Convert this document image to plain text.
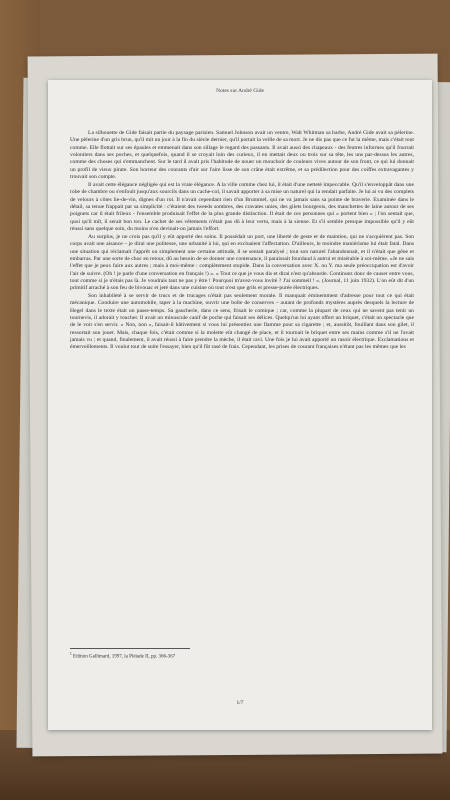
Notes sur André Gide

La silhouette de Gide faisait partie du paysage parisien. Samuel Johnson avait un ventre, Walt Whitman sa barbe, André Gide avait sa pèlerine. Une pèlerine d'un gris brun, qu'il mit un jour à la fin du siècle dernier, qu'il portait la veille de sa mort. Je ne dis pas que ce fut la même, mais c'était tout comme. Elle flottait sur ses épaules et emmenait dans son sillage le regard des passants. Il avait aussi des chapeaux - des feutres informes qu'il fourrait volontiers dans ses poches, et quelquefois, quand il se croyait loin des curieux, il en mettait deux ou trois sur sa tête, les uns par-dessus les autres, comme des choses qui s'emmanchent. Sur le tard il avait pris l'habitude de nouer un mouchoir de couleurs vives autour de son front, ce qui lui donnait un profil de vieux pirate. Son horreur des courants d'air sur l'aire lisse de son crâne était extrême, et sa prédilection pour des coiffes extravagantes y trouvait son compte.

Il avait cette élégance négligée qui est la vraie élégance. A la ville comme chez lui, il était d'une netteté impeccable. Qu'il s'enveloppât dans une robe de chambre ou s'enfoult jusqu'aux sourcils dans un cache-col, il savait apporter à sa mise un naturel qui la rendait parfaite. Je lui ai vu des complets de velours à côtes lie-de-vin, dignes d'un roi. Il n'avait cependant rien d'un Brummel, qui ne va jamais sans sa pointe de braverie. Examinée dans le détail, sa tenue frappait par sa simplicité : c'étaient des tweeds sombres, des cravates unies, des gilets bourgeois, des manchettes de laine autour de ses poignets car il était frileux - l'ensemble produisait l'effet de la plus grande distinction. Il était de ces personnes qui « portent bien » ; l'on sentait que, quoi qu'il mît, il serait bon ton. Le cachet de ses vêtements n'était pas dû à leur vertu, mais à la sienne. Et s'il semble presque impossible qu'il y eût réussi sans quelque soin, du moins n'en devinait-on jamais l'effort.

Au surplus, je ne crois pas qu'il y eût apporté des soins. Il possédait un port, une liberté de geste et de maintien, qui ne s'acquièrent pas. Son corps avait une aisance – je dirai une politesse, une urbanité à lui, qui en excluaient l'affectation. D'ailleurs, le moindre maniérisme lui était fatal. Dans une situation qui réclamait l'apprêt ou simplement une certaine attitude, il se sentait paralysé ; tout son naturel l'abandonnait, et il n'était que gêne et embarras. Par une sorte de choc en retour, dû au besoin de se donner une contenance, il paraissait fourdaud à autrui et misérable à soi-même. «Je ne sais l'effet que je peux faire aux autres ; mais à moi-même : complètement stupide. Dans la conversation avec X. ou Y. ma seule préoccupation est d'avoir l'air de suivre. (Oh ! je parle d'une conversation en français !) ». « Tout ce que je vous dis et dirai n'est qu'absurde. Continuez donc de causer entre vous, tout comme si je n'étais pas là. Je voudrais tant ne pas y être ! Pourquoi m'avez-vous invité ? J'ai sommeil ! ». (Journal, 11 juin 1932). L'on eût dit d'un primitif arraché à son feu de bivouac et jeté dans une cuisine où tout n'est que grils et presse-purée électriques.

Son inhabileté à se servir de trucs et de trucages n'était pas seulement morale. Il manquait éminemment d'adresse pour tout ce qui était mécanique. Conduire une automobile, taper à la machine, ouvrir une boîte de conserves – autant de profonds mystères auprès desquels la lecture de Hegel dans le texte était un passe-temps. Sa gaucherie, dans ce sens, frisait le comique ; car, comme la plupart de ceux qui ne savent pas tenir un tournevis, il adorait y toucher. Il avait un minuscule canif de poche qui faisait ses délices. Quelqu'un lui ayant offert un briquet, c'était un spectacle que de le voir s'en servir. « Non, non », faisait-il hâtivement si vous lui présentiez une flamme pour sa cigarette ; et, aussitôt, fouillant dans son gilet, il ressortait son jouet. Mais, chaque fois, c'était comme si la molette eût changé de place, et il tournait le briquet entre ses mains comme s'il ne l'avait jamais vu ; et quand, finalement, il avait réussi à faire prendre la mèche, il était ravi. Une fois je lui avait apporté un rasoir électrique. Exclamations et émerveillements. Il voulut tout de suite l'essayer, bien qu'il fût rasé de frais. Cependant, les prises de courant françaises n'étant pas les mêmes que les

$^1$ Edition Gallimard, 1997, la Pléiade II, pp. 366-367
1/7
